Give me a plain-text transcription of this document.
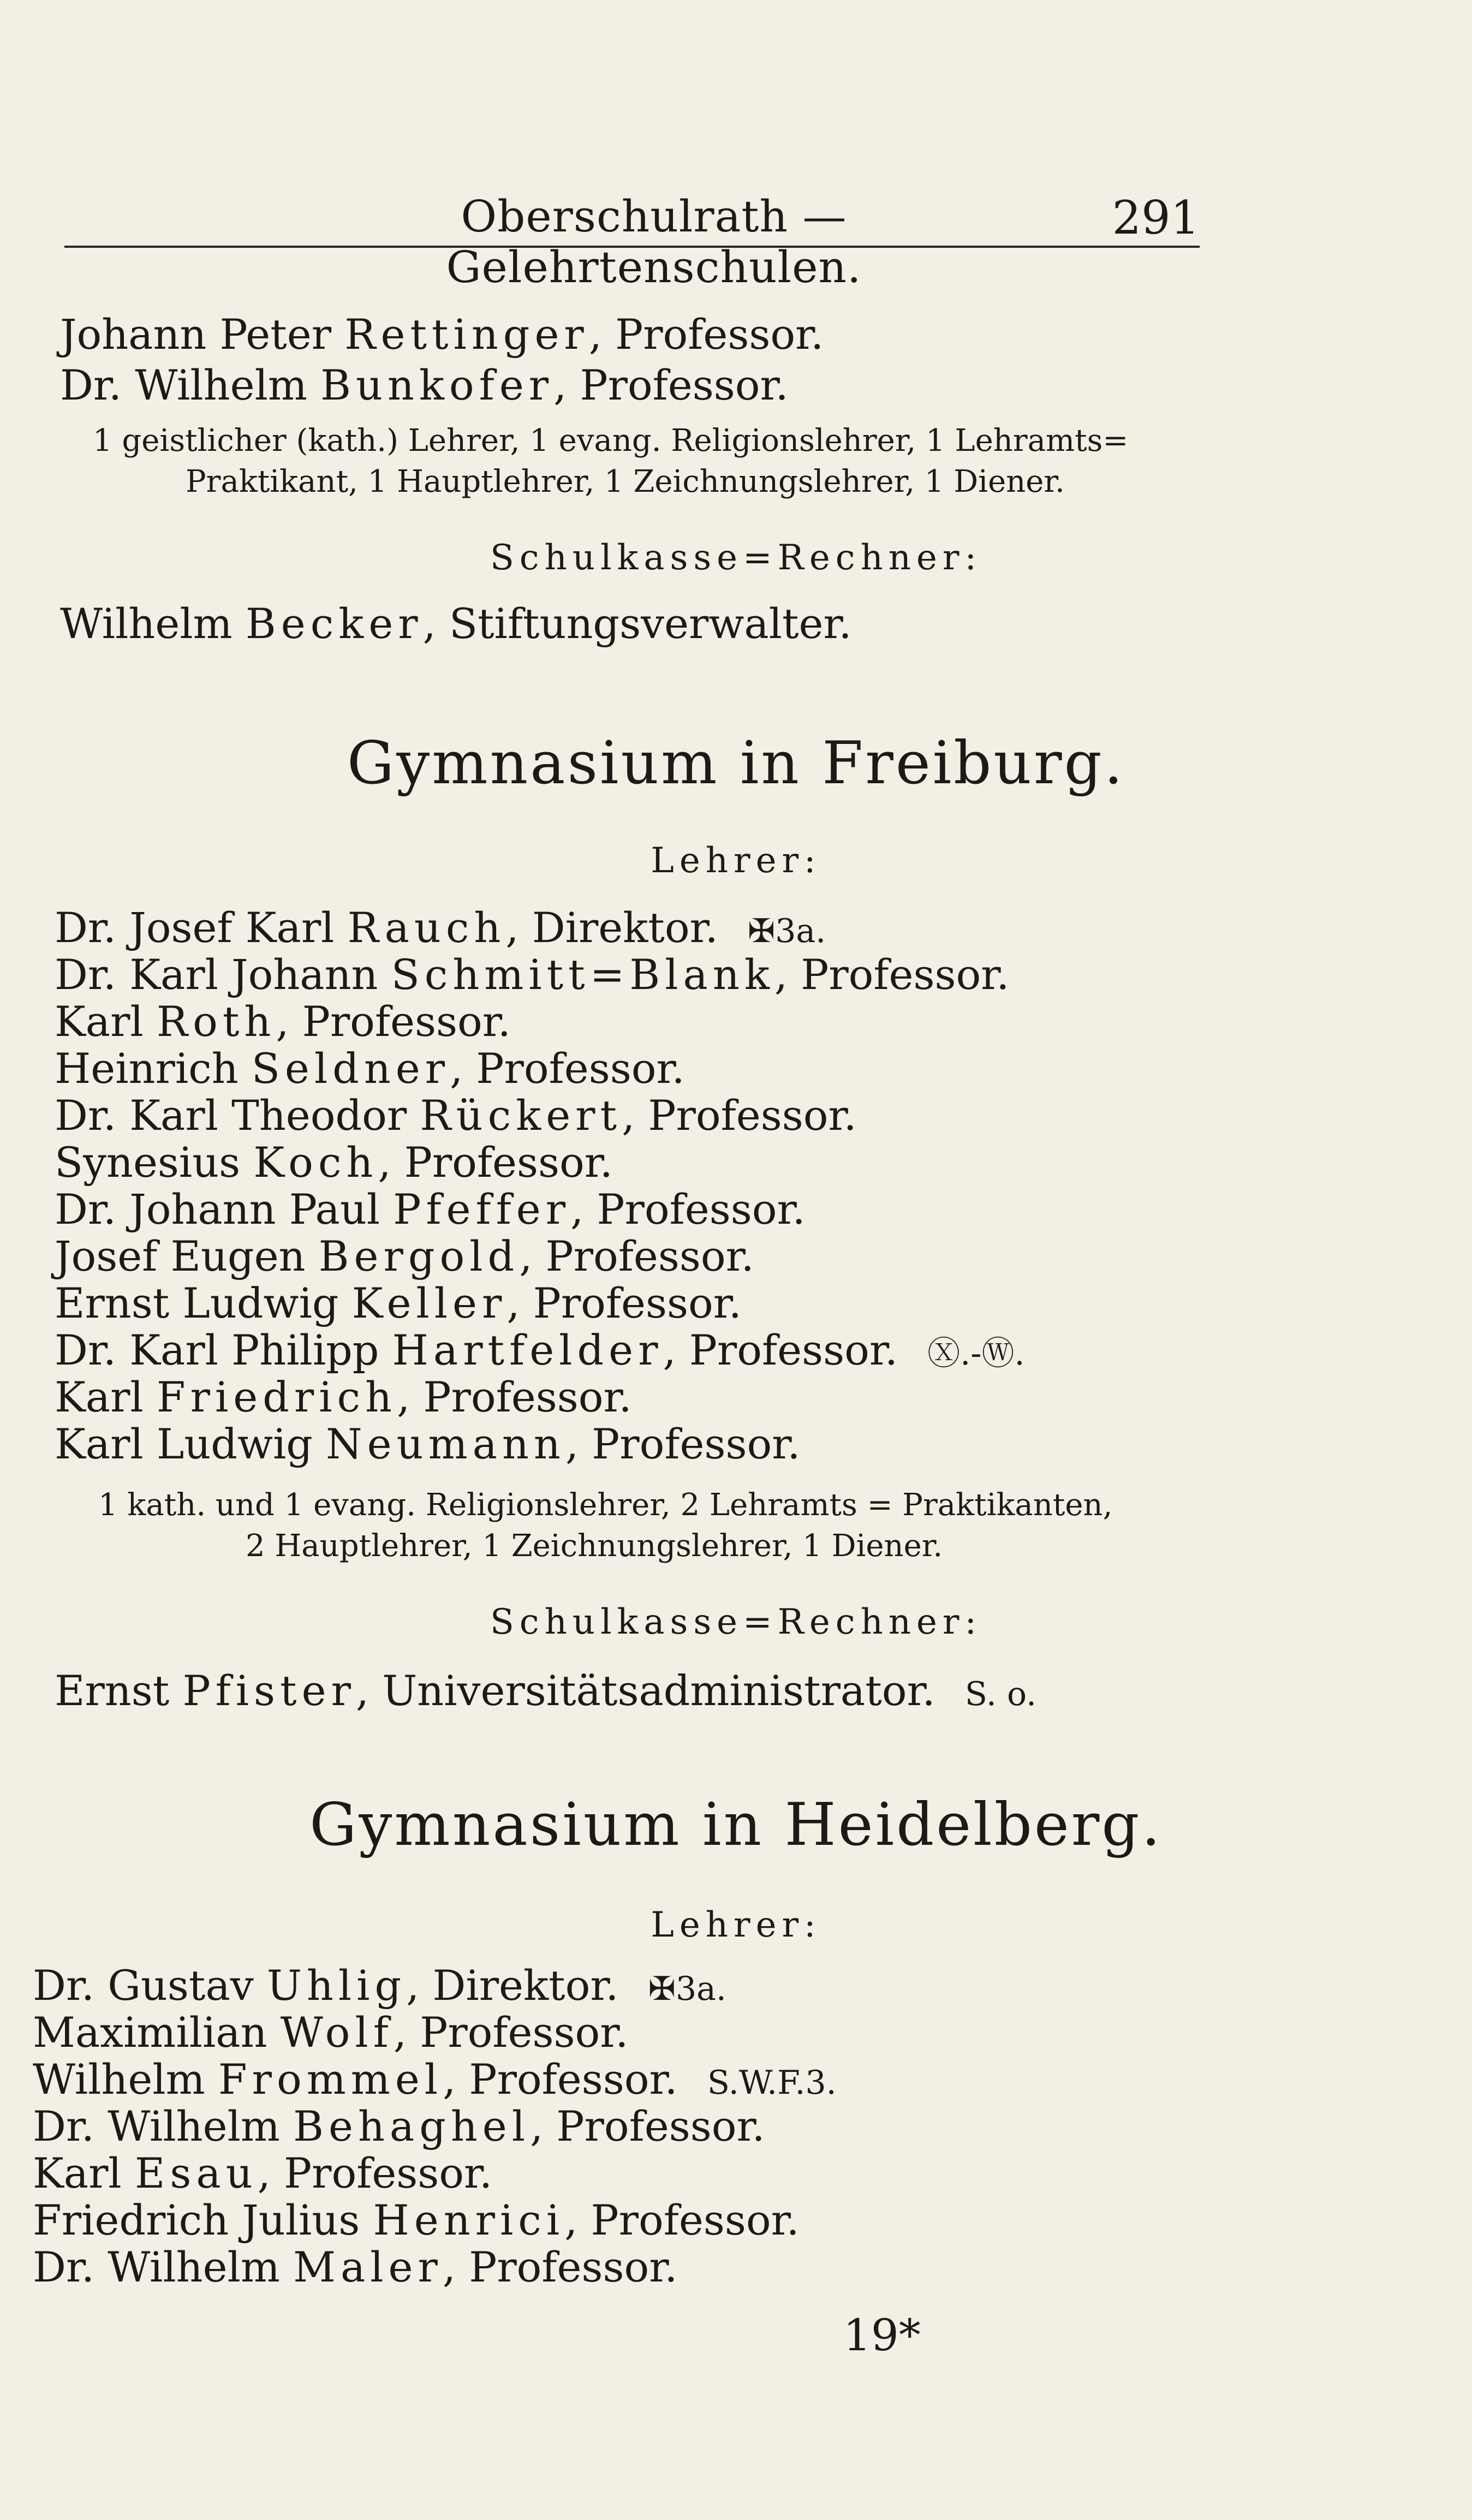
Oberschulrath — Gelehrtenschulen.
291
Johann Peter Rettinger, Professor.
Dr. Wilhelm Bunkofer, Professor.
1 geistlicher (kath.) Lehrer, 1 evang. Religionslehrer, 1 Lehramts=
Praktikant, 1 Hauptlehrer, 1 Zeichnungslehrer, 1 Diener.
Schulkasse=Rechner:
Wilhelm Becker, Stiftungsverwalter.
Gymnasium in Freiburg.
Lehrer:
Dr. Josef Karl Rauch, Direktor. ✠3a.
Dr. Karl Johann Schmitt=Blank, Professor.
Karl Roth, Professor.
Heinrich Seldner, Professor.
Dr. Karl Theodor Rückert, Professor.
Synesius Koch, Professor.
Dr. Johann Paul Pfeffer, Professor.
Josef Eugen Bergold, Professor.
Ernst Ludwig Keller, Professor.
Dr. Karl Philipp Hartfelder, Professor. Ⓧ.-Ⓦ.
Karl Friedrich, Professor.
Karl Ludwig Neumann, Professor.
1 kath. und 1 evang. Religionslehrer, 2 Lehramts = Praktikanten,
2 Hauptlehrer, 1 Zeichnungslehrer, 1 Diener.
Schulkasse=Rechner:
Ernst Pfister, Universitätsadministrator. S. o.
Gymnasium in Heidelberg.
Lehrer:
Dr. Gustav Uhlig, Direktor. ✠3a.
Maximilian Wolf, Professor.
Wilhelm Frommel, Professor. S.W.F.3.
Dr. Wilhelm Behaghel, Professor.
Karl Esau, Professor.
Friedrich Julius Henrici, Professor.
Dr. Wilhelm Maler, Professor.
19*
